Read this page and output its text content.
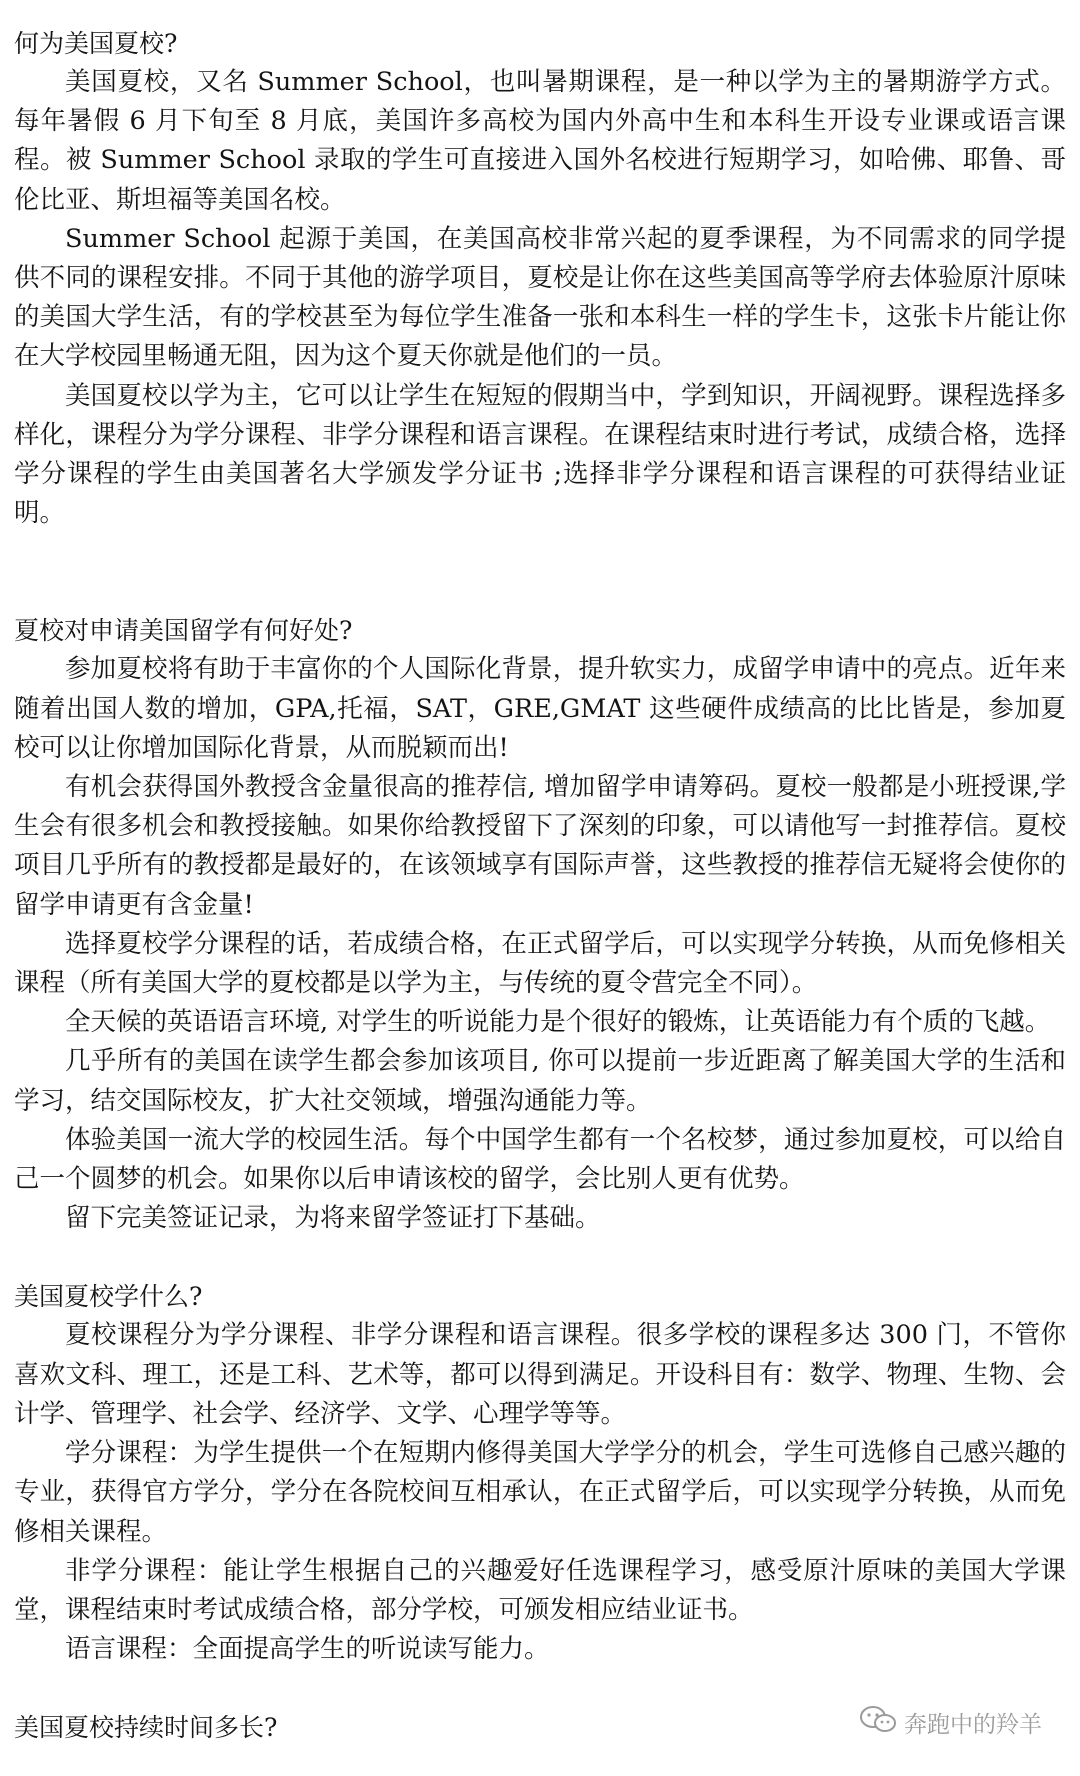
何为美国夏校?

美国夏校，又名 Summer School，也叫暑期课程，是一种以学为主的暑期游学方式。每年暑假 6 月下旬至 8 月底，美国许多高校为国内外高中生和本科生开设专业课或语言课程。被 Summer School 录取的学生可直接进入国外名校进行短期学习，如哈佛、耶鲁、哥伦比亚、斯坦福等美国名校。

Summer School 起源于美国，在美国高校非常兴起的夏季课程，为不同需求的同学提供不同的课程安排。不同于其他的游学项目，夏校是让你在这些美国高等学府去体验原汁原味的美国大学生活，有的学校甚至为每位学生准备一张和本科生一样的学生卡，这张卡片能让你在大学校园里畅通无阻，因为这个夏天你就是他们的一员。

美国夏校以学为主，它可以让学生在短短的假期当中，学到知识，开阔视野。课程选择多样化，课程分为学分课程、非学分课程和语言课程。在课程结束时进行考试，成绩合格，选择学分课程的学生由美国著名大学颁发学分证书 ;选择非学分课程和语言课程的可获得结业证明。

夏校对申请美国留学有何好处?

参加夏校将有助于丰富你的个人国际化背景，提升软实力，成留学申请中的亮点。近年来随着出国人数的增加，GPA,托福，SAT，GRE,GMAT 这些硬件成绩高的比比皆是，参加夏校可以让你增加国际化背景，从而脱颖而出!

有机会获得国外教授含金量很高的推荐信, 增加留学申请筹码。夏校一般都是小班授课,学生会有很多机会和教授接触。如果你给教授留下了深刻的印象，可以请他写一封推荐信。夏校项目几乎所有的教授都是最好的，在该领域享有国际声誉，这些教授的推荐信无疑将会使你的留学申请更有含金量!

选择夏校学分课程的话，若成绩合格，在正式留学后，可以实现学分转换，从而免修相关课程（所有美国大学的夏校都是以学为主，与传统的夏令营完全不同）。

全天候的英语语言环境, 对学生的听说能力是个很好的锻炼，让英语能力有个质的飞越。

几乎所有的美国在读学生都会参加该项目, 你可以提前一步近距离了解美国大学的生活和学习，结交国际校友，扩大社交领域，增强沟通能力等。

体验美国一流大学的校园生活。每个中国学生都有一个名校梦，通过参加夏校，可以给自己一个圆梦的机会。如果你以后申请该校的留学，会比别人更有优势。

留下完美签证记录，为将来留学签证打下基础。

美国夏校学什么?

夏校课程分为学分课程、非学分课程和语言课程。很多学校的课程多达 300 门，不管你喜欢文科、理工，还是工科、艺术等，都可以得到满足。开设科目有：数学、物理、生物、会计学、管理学、社会学、经济学、文学、心理学等等。

学分课程：为学生提供一个在短期内修得美国大学学分的机会，学生可选修自己感兴趣的专业，获得官方学分，学分在各院校间互相承认，在正式留学后，可以实现学分转换，从而免修相关课程。

非学分课程：能让学生根据自己的兴趣爱好任选课程学习，感受原汁原味的美国大学课堂，课程结束时考试成绩合格，部分学校，可颁发相应结业证书。

语言课程：全面提高学生的听说读写能力。

美国夏校持续时间多长?	奔跑中的羚羊
